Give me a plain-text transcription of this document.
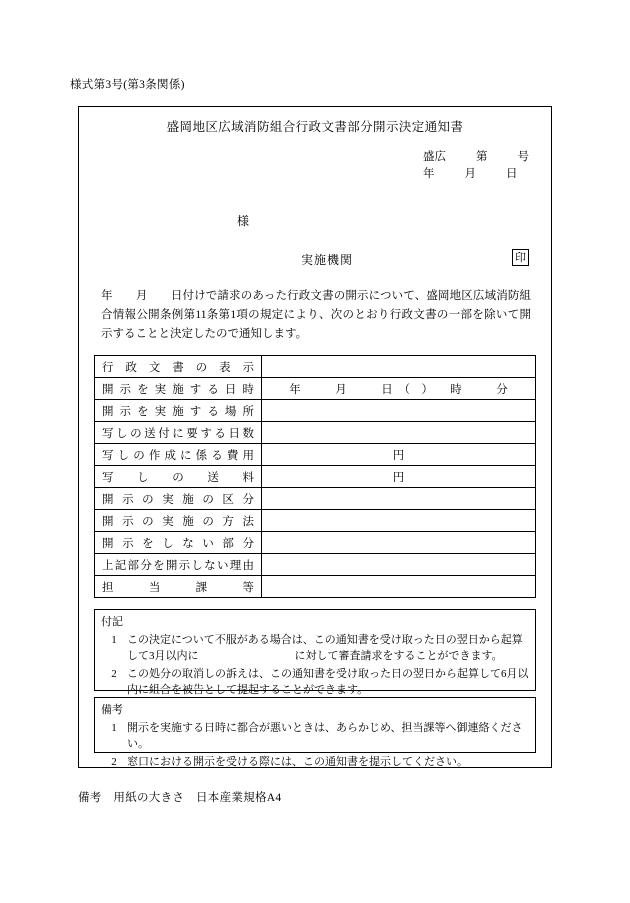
様式第3号(第3条関係)
盛岡地区広域消防組合行政文書部分開示決定通知書
盛広	第	号
年	月	日
様
実施機関	印
年　　月　　日付けで請求のあった行政文書の開示について、盛岡地区広域消防組合情報公開条例第11条第1項の規定により、次のとおり行政文書の一部を除いて開示することと決定したので通知します。
行政文書の表示	
開示を実施する日時	年　　　月　　　日　（　）　　時　　　分
開示を実施する場所	
写しの送付に要する日数	
写しの作成に係る費用	円
写しの送料	円
開示の実施の区分	
開示の実施の方法	
開示をしない部分	
上記部分を開示しない理由	
担当課等	
付記
1 この決定について不服がある場合は、この通知書を受け取った日の翌日から起算して3月以内に	に対して審査請求をすることができます。
2 この処分の取消しの訴えは、この通知書を受け取った日の翌日から起算して6月以内に組合を被告として提起することができます。
備考
1 開示を実施する日時に都合が悪いときは、あらかじめ、担当課等へ御連絡ください。
2 窓口における開示を受ける際には、この通知書を提示してください。
備考　用紙の大きさ　日本産業規格A4
